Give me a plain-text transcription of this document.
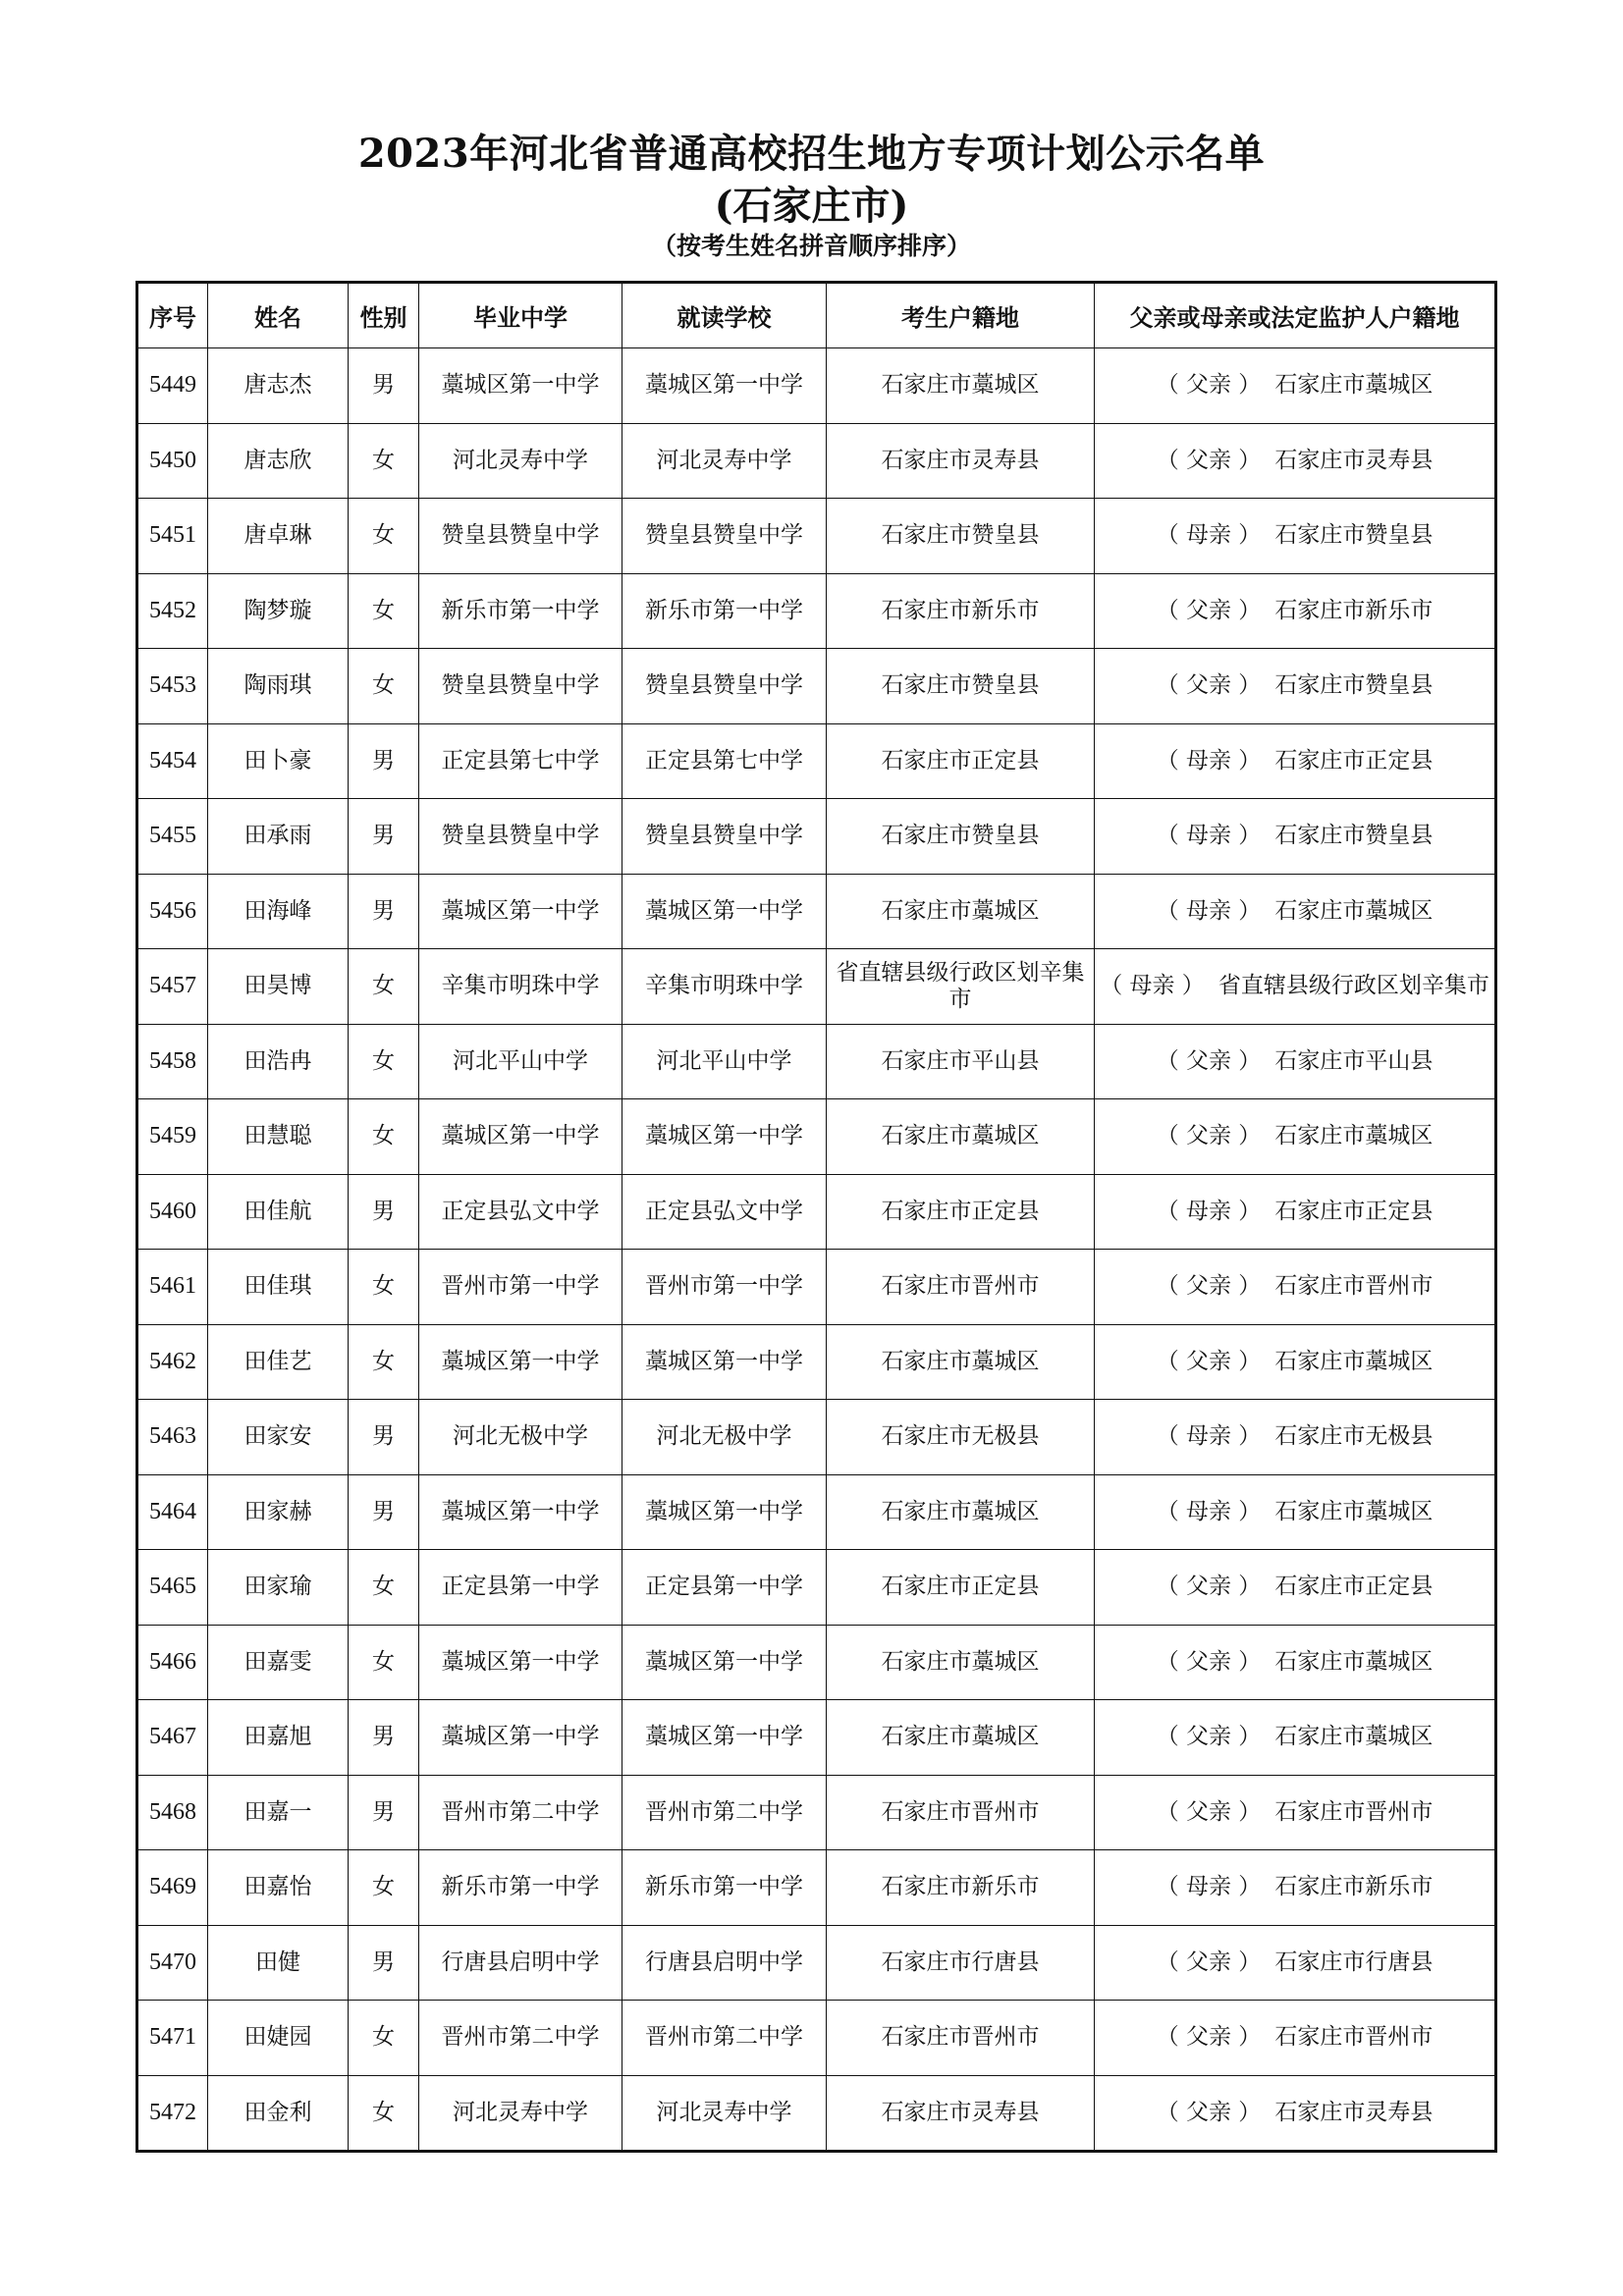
2023年河北省普通高校招生地方专项计划公示名单
(石家庄市)
（按考生姓名拼音顺序排序）
序号	姓名	性别	毕业中学	就读学校	考生户籍地	父亲或母亲或法定监护人户籍地
5449	唐志杰	男	藁城区第一中学	藁城区第一中学	石家庄市藁城区	（ 父亲 ） 石家庄市藁城区
5450	唐志欣	女	河北灵寿中学	河北灵寿中学	石家庄市灵寿县	（ 父亲 ） 石家庄市灵寿县
5451	唐卓琳	女	赞皇县赞皇中学	赞皇县赞皇中学	石家庄市赞皇县	（ 母亲 ） 石家庄市赞皇县
5452	陶梦璇	女	新乐市第一中学	新乐市第一中学	石家庄市新乐市	（ 父亲 ） 石家庄市新乐市
5453	陶雨琪	女	赞皇县赞皇中学	赞皇县赞皇中学	石家庄市赞皇县	（ 父亲 ） 石家庄市赞皇县
5454	田卜豪	男	正定县第七中学	正定县第七中学	石家庄市正定县	（ 母亲 ） 石家庄市正定县
5455	田承雨	男	赞皇县赞皇中学	赞皇县赞皇中学	石家庄市赞皇县	（ 母亲 ） 石家庄市赞皇县
5456	田海峰	男	藁城区第一中学	藁城区第一中学	石家庄市藁城区	（ 母亲 ） 石家庄市藁城区
5457	田昊博	女	辛集市明珠中学	辛集市明珠中学	省直辖县级行政区划辛集市	（ 母亲 ） 省直辖县级行政区划辛集市
5458	田浩冉	女	河北平山中学	河北平山中学	石家庄市平山县	（ 父亲 ） 石家庄市平山县
5459	田慧聪	女	藁城区第一中学	藁城区第一中学	石家庄市藁城区	（ 父亲 ） 石家庄市藁城区
5460	田佳航	男	正定县弘文中学	正定县弘文中学	石家庄市正定县	（ 母亲 ） 石家庄市正定县
5461	田佳琪	女	晋州市第一中学	晋州市第一中学	石家庄市晋州市	（ 父亲 ） 石家庄市晋州市
5462	田佳艺	女	藁城区第一中学	藁城区第一中学	石家庄市藁城区	（ 父亲 ） 石家庄市藁城区
5463	田家安	男	河北无极中学	河北无极中学	石家庄市无极县	（ 母亲 ） 石家庄市无极县
5464	田家赫	男	藁城区第一中学	藁城区第一中学	石家庄市藁城区	（ 母亲 ） 石家庄市藁城区
5465	田家瑜	女	正定县第一中学	正定县第一中学	石家庄市正定县	（ 父亲 ） 石家庄市正定县
5466	田嘉雯	女	藁城区第一中学	藁城区第一中学	石家庄市藁城区	（ 父亲 ） 石家庄市藁城区
5467	田嘉旭	男	藁城区第一中学	藁城区第一中学	石家庄市藁城区	（ 父亲 ） 石家庄市藁城区
5468	田嘉一	男	晋州市第二中学	晋州市第二中学	石家庄市晋州市	（ 父亲 ） 石家庄市晋州市
5469	田嘉怡	女	新乐市第一中学	新乐市第一中学	石家庄市新乐市	（ 母亲 ） 石家庄市新乐市
5470	田健	男	行唐县启明中学	行唐县启明中学	石家庄市行唐县	（ 父亲 ） 石家庄市行唐县
5471	田婕园	女	晋州市第二中学	晋州市第二中学	石家庄市晋州市	（ 父亲 ） 石家庄市晋州市
5472	田金利	女	河北灵寿中学	河北灵寿中学	石家庄市灵寿县	（ 父亲 ） 石家庄市灵寿县
